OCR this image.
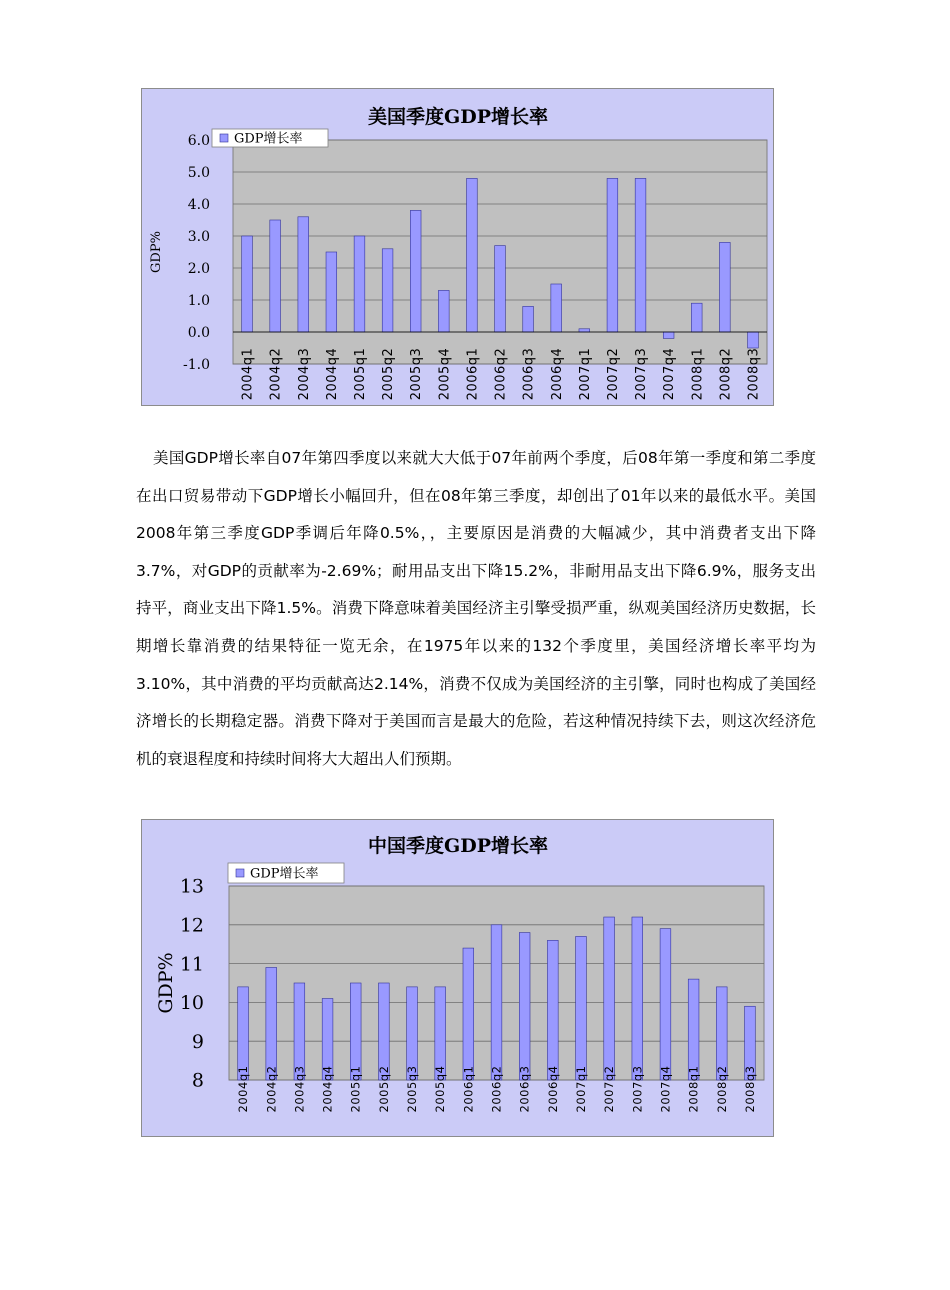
美国季度GDP增长率
6.0
5.0
4.0
3.0
2.0
1.0
0.0
-1.0
GDP%
2004q1 2004q2 2004q3 2004q4 2005q1 2005q2 2005q3 2005q4 2006q1 2006q2 2006q3 2006q4 2007q1 2007q2 2007q3 2007q4 2008q1 2008q2 2008q3
GDP增长率

美国GDP增长率自07年第四季度以来就大大低于07年前两个季度，后08年第一季度和第二季度在出口贸易带动下GDP增长小幅回升，但在08年第三季度，却创出了01年以来的最低水平。美国2008年第三季度GDP季调后年降0.5%，，主要原因是消费的大幅减少，其中消费者支出下降3.7%，对GDP的贡献率为-2.69%；耐用品支出下降15.2%，非耐用品支出下降6.9%，服务支出持平，商业支出下降1.5%。消费下降意味着美国经济主引擎受损严重，纵观美国经济历史数据，长期增长靠消费的结果特征一览无余，在1975年以来的132个季度里，美国经济增长率平均为3.10%，其中消费的平均贡献高达2.14%，消费不仅成为美国经济的主引擎，同时也构成了美国经济增长的长期稳定器。消费下降对于美国而言是最大的危险，若这种情况持续下去，则这次经济危机的衰退程度和持续时间将大大超出人们预期。

中国季度GDP增长率
13
12
11
10
9
8
GDP%
2004q1 2004q2 2004q3 2004q4 2005q1 2005q2 2005q3 2005q4 2006q1 2006q2 2006q3 2006q4 2007q1 2007q2 2007q3 2007q4 2008q1 2008q2 2008q3
GDP增长率
